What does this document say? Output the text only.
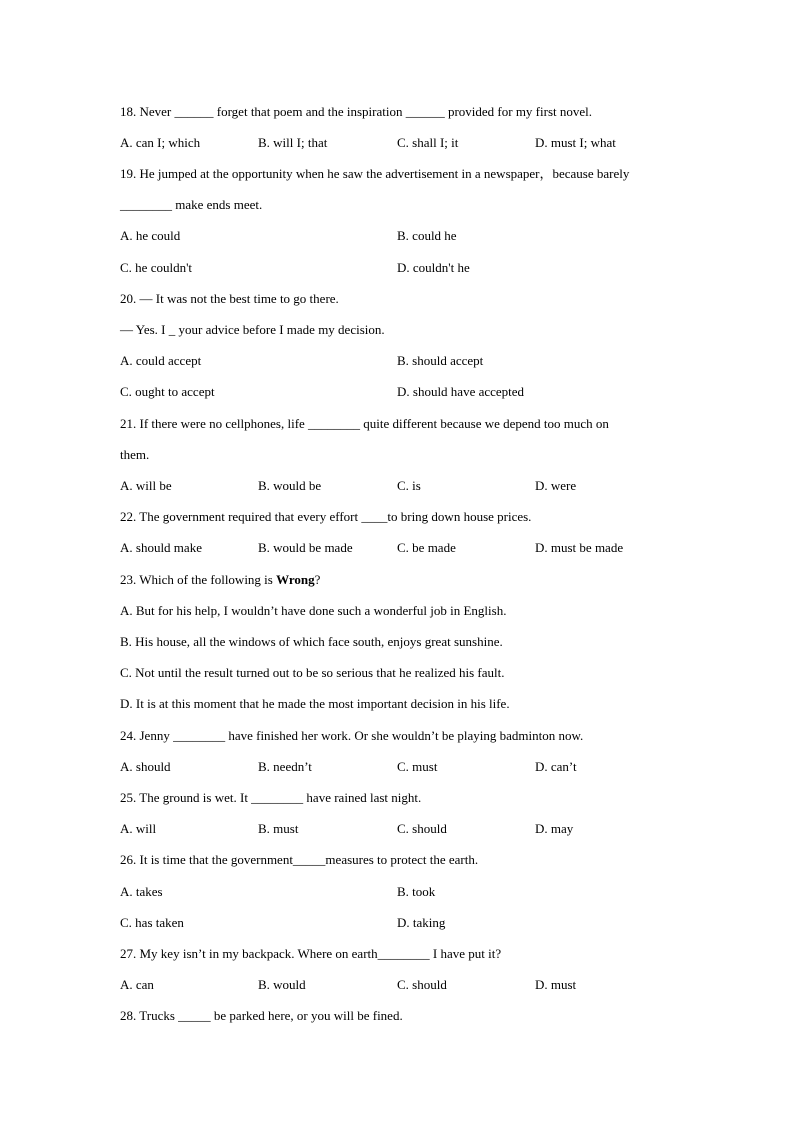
18. Never ______ forget that poem and the inspiration ______ provided for my first novel.
A. can I; which	B. will I; that	C. shall I; it	D. must I; what
19. He jumped at the opportunity when he saw the advertisement in a newspaper，because barely
________ make ends meet.
A. he could	B. could he
C. he couldn't	D. couldn't he
20. — It was not the best time to go there.
— Yes. I _ your advice before I made my decision.
A. could accept	B. should accept
C. ought to accept	D. should have accepted
21. If there were no cellphones, life ________ quite different because we depend too much on
them.
A. will be	B. would be	C. is	D. were
22. The government required that every effort ____to bring down house prices.
A. should make	B. would be made	C. be made	D. must be made
23. Which of the following is Wrong?
A. But for his help, I wouldn’t have done such a wonderful job in English.
B. His house, all the windows of which face south, enjoys great sunshine.
C. Not until the result turned out to be so serious that he realized his fault.
D. It is at this moment that he made the most important decision in his life.
24. Jenny ________ have finished her work. Or she wouldn’t be playing badminton now.
A. should	B. needn’t	C. must	D. can’t
25. The ground is wet. It ________ have rained last night.
A. will	B. must	C. should	D. may
26. It is time that the government_____measures to protect the earth.
A. takes	B. took
C. has taken	D. taking
27. My key isn’t in my backpack. Where on earth________ I have put it?
A. can	B. would	C. should	D. must
28. Trucks _____ be parked here, or you will be fined.
